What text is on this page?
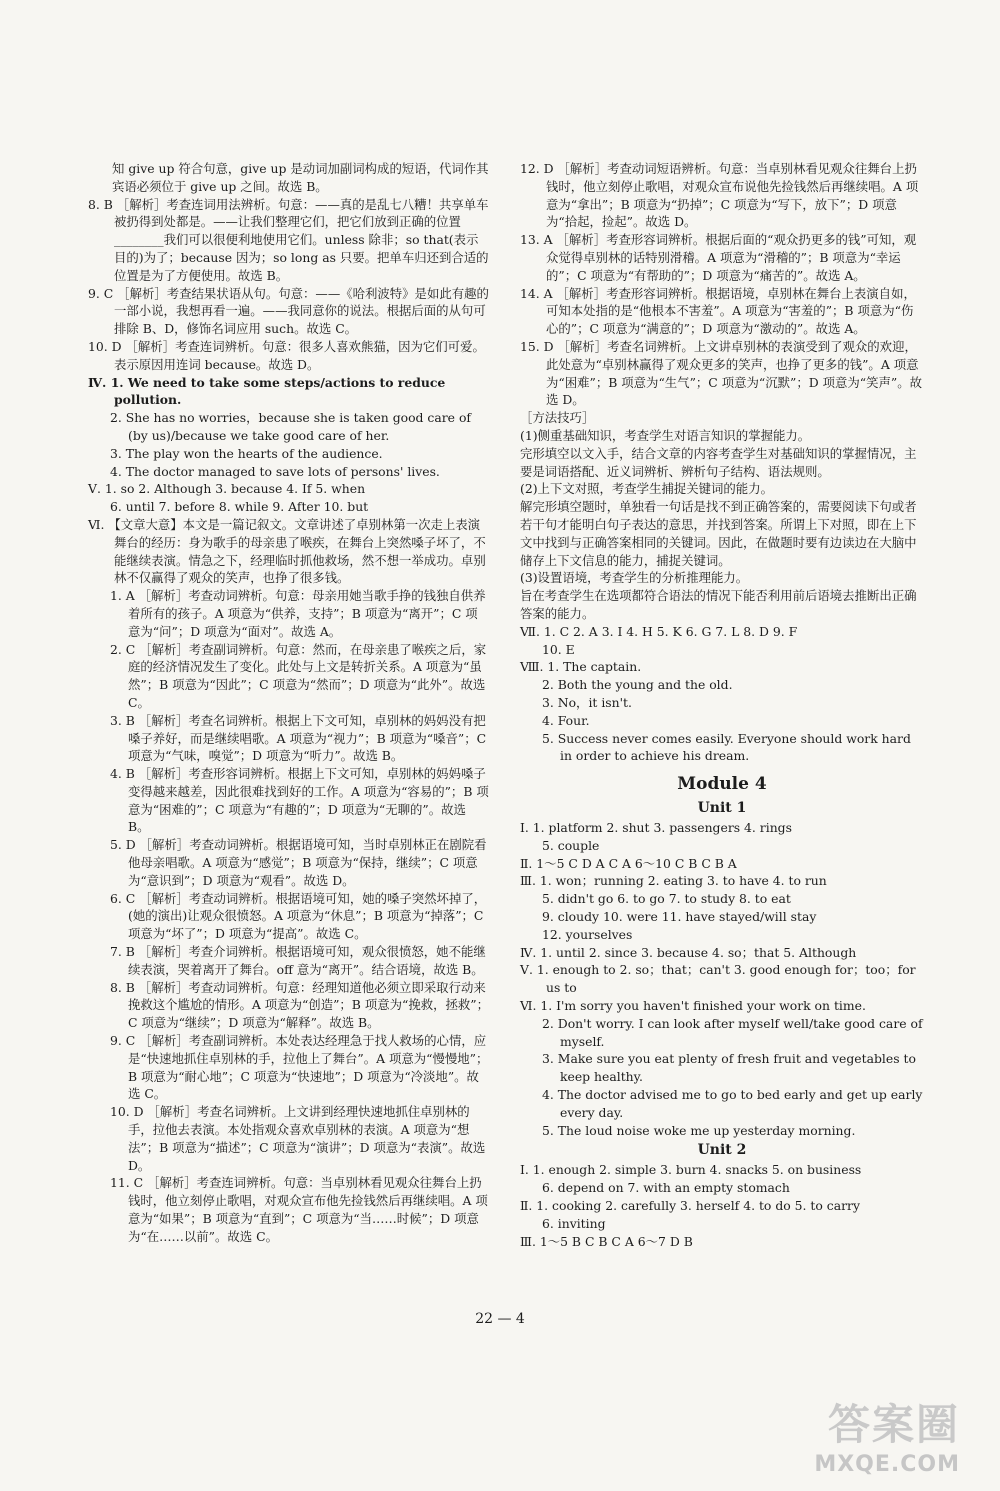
知 give up 符合句意，give up 是动词加副词构成的短语，代词作其宾语必须位于 give up 之间。故选 B。

8. B ［解析］考查连词用法辨析。句意：——真的是乱七八糟！共享单车被扔得到处都是。——让我们整理它们，把它们放到正确的位置________我们可以很便利地使用它们。unless 除非；so that(表示目的)为了；because 因为；so long as 只要。把单车归还到合适的位置是为了方便使用。故选 B。

9. C ［解析］考查结果状语从句。句意：——《哈利波特》是如此有趣的一部小说，我想再看一遍。——我同意你的说法。根据后面的从句可排除 B、D，修饰名词应用 such。故选 C。

10. D ［解析］考查连词辨析。句意：很多人喜欢熊猫，因为它们可爱。表示原因用连词 because。故选 D。

Ⅳ. 1. We need to take some steps/actions to reduce pollution.

2. She has no worries，because she is taken good care of (by us)/because we take good care of her.

3. The play won the hearts of the audience.

4. The doctor managed to save lots of persons' lives.

Ⅴ. 1. so 2. Although 3. because 4. If 5. when

6. until 7. before 8. while 9. After 10. but

Ⅵ. 【文章大意】本文是一篇记叙文。文章讲述了卓别林第一次走上表演舞台的经历：身为歌手的母亲患了喉疾，在舞台上突然嗓子坏了，不能继续表演。情急之下，经理临时抓他救场，然不想一举成功。卓别林不仅赢得了观众的笑声，也挣了很多钱。

1. A ［解析］考查动词辨析。句意：母亲用她当歌手挣的钱独自供养着所有的孩子。A 项意为“供养，支持”；B 项意为“离开”；C 项意为“问”；D 项意为“面对”。故选 A。

2. C ［解析］考查副词辨析。句意：然而，在母亲患了喉疾之后，家庭的经济情况发生了变化。此处与上文是转折关系。A 项意为“虽然”；B 项意为“因此”；C 项意为“然而”；D 项意为“此外”。故选 C。

3. B ［解析］考查名词辨析。根据上下文可知，卓别林的妈妈没有把嗓子养好，而是继续唱歌。A 项意为“视力”；B 项意为“嗓音”；C 项意为“气味，嗅觉”；D 项意为“听力”。故选 B。

4. B ［解析］考查形容词辨析。根据上下文可知，卓别林的妈妈嗓子变得越来越差，因此很难找到好的工作。A 项意为“容易的”；B 项意为“困难的”；C 项意为“有趣的”；D 项意为“无聊的”。故选 B。

5. D ［解析］考查动词辨析。根据语境可知，当时卓别林正在剧院看他母亲唱歌。A 项意为“感觉”；B 项意为“保持，继续”；C 项意为“意识到”；D 项意为“观看”。故选 D。

6. C ［解析］考查动词辨析。根据语境可知，她的嗓子突然坏掉了，(她的演出)让观众很愤怒。A 项意为“休息”；B 项意为“掉落”；C 项意为“坏了”；D 项意为“提高”。故选 C。

7. B ［解析］考查介词辨析。根据语境可知，观众很愤怒，她不能继续表演，哭着离开了舞台。off 意为“离开”。结合语境，故选 B。

8. B ［解析］考查动词辨析。句意：经理知道他必须立即采取行动来挽救这个尴尬的情形。A 项意为“创造”；B 项意为“挽救，拯救”；C 项意为“继续”；D 项意为“解释”。故选 B。

9. C ［解析］考查副词辨析。本处表达经理急于找人救场的心情，应是“快速地抓住卓别林的手，拉他上了舞台”。A 项意为“慢慢地”；B 项意为“耐心地”；C 项意为“快速地”；D 项意为“冷淡地”。故选 C。

10. D ［解析］考查名词辨析。上文讲到经理快速地抓住卓别林的手，拉他去表演。本处指观众喜欢卓别林的表演。A 项意为“想法”；B 项意为“描述”；C 项意为“演讲”；D 项意为“表演”。故选 D。

11. C ［解析］考查连词辨析。句意：当卓别林看见观众往舞台上扔钱时，他立刻停止歌唱，对观众宣布他先捡钱然后再继续唱。A 项意为“如果”；B 项意为“直到”；C 项意为“当……时候”；D 项意为“在……以前”。故选 C。

12. D ［解析］考查动词短语辨析。句意：当卓别林看见观众往舞台上扔钱时，他立刻停止歌唱，对观众宣布说他先捡钱然后再继续唱。A 项意为“拿出”；B 项意为“扔掉”；C 项意为“写下，放下”；D 项意为“拾起，捡起”。故选 D。

13. A ［解析］考查形容词辨析。根据后面的“观众扔更多的钱”可知，观众觉得卓别林的话特别滑稽。A 项意为“滑稽的”；B 项意为“幸运的”；C 项意为“有帮助的”；D 项意为“痛苦的”。故选 A。

14. A ［解析］考查形容词辨析。根据语境，卓别林在舞台上表演自如，可知本处指的是“他根本不害羞”。A 项意为“害羞的”；B 项意为“伤心的”；C 项意为“满意的”；D 项意为“激动的”。故选 A。

15. D ［解析］考查名词辨析。上文讲卓别林的表演受到了观众的欢迎，此处意为“卓别林赢得了观众更多的笑声，也挣了更多的钱”。A 项意为“困难”；B 项意为“生气”；C 项意为“沉默”；D 项意为“笑声”。故选 D。

［方法技巧］

(1)侧重基础知识，考查学生对语言知识的掌握能力。

完形填空以文入手，结合文章的内容考查学生对基础知识的掌握情况，主要是词语搭配、近义词辨析、辨析句子结构、语法规则。

(2)上下文对照，考查学生捕捉关键词的能力。

解完形填空题时，单独看一句话是找不到正确答案的，需要阅读下句或者若干句才能明白句子表达的意思，并找到答案。所谓上下对照，即在上下文中找到与正确答案相同的关键词。因此，在做题时要有边读边在大脑中储存上下文信息的能力，捕捉关键词。

(3)设置语境，考查学生的分析推理能力。

旨在考查学生在选项都符合语法的情况下能否利用前后语境去推断出正确答案的能力。

Ⅶ. 1. C 2. A 3. I 4. H 5. K 6. G 7. L 8. D 9. F

10. E

Ⅷ. 1. The captain.

2. Both the young and the old.

3. No，it isn't.

4. Four.

5. Success never comes easily. Everyone should work hard in order to achieve his dream.

Module 4
Unit 1

Ⅰ. 1. platform 2. shut 3. passengers 4. rings

5. couple

Ⅱ. 1～5 C D A C A 6～10 C B C B A

Ⅲ. 1. won；running 2. eating 3. to have 4. to run

5. didn't go 6. to go 7. to study 8. to eat

9. cloudy 10. were 11. have stayed/will stay

12. yourselves

Ⅳ. 1. until 2. since 3. because 4. so；that 5. Although

Ⅴ. 1. enough to 2. so；that；can't 3. good enough for；too；for us to

Ⅵ. 1. I'm sorry you haven't finished your work on time.

2. Don't worry. I can look after myself well/take good care of myself.

3. Make sure you eat plenty of fresh fruit and vegetables to keep healthy.

4. The doctor advised me to go to bed early and get up early every day.

5. The loud noise woke me up yesterday morning.

Unit 2

Ⅰ. 1. enough 2. simple 3. burn 4. snacks 5. on business

6. depend on 7. with an empty stomach

Ⅱ. 1. cooking 2. carefully 3. herself 4. to do 5. to carry

6. inviting

Ⅲ. 1～5 B C B C A 6～7 D B

22 — 4
答案圈
MXQE.COM
